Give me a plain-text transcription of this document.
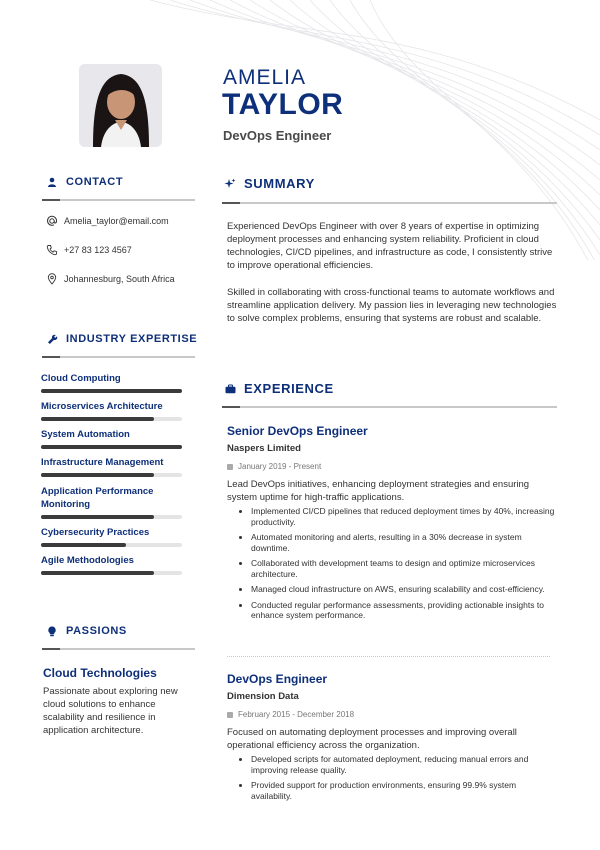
AMELIA
TAYLOR
DevOps Engineer
CONTACT
Amelia_taylor@email.com
+27 83 123 4567
Johannesburg, South Africa
INDUSTRY EXPERTISE
Cloud Computing
Microservices Architecture
System Automation
Infrastructure Management
Application Performance Monitoring
Cybersecurity Practices
Agile Methodologies
PASSIONS
Cloud Technologies
Passionate about exploring new cloud solutions to enhance scalability and resilience in application architecture.
SUMMARY
Experienced DevOps Engineer with over 8 years of expertise in optimizing deployment processes and enhancing system reliability. Proficient in cloud technologies, CI/CD pipelines, and infrastructure as code, I consistently strive to improve operational efficiencies.
Skilled in collaborating with cross-functional teams to automate workflows and streamline application delivery. My passion lies in leveraging new technologies to solve complex problems, ensuring that systems are robust and scalable.
EXPERIENCE
Senior DevOps Engineer
Naspers Limited
January 2019 - Present
Lead DevOps initiatives, enhancing deployment strategies and ensuring system uptime for high-traffic applications.
Implemented CI/CD pipelines that reduced deployment times by 40%, increasing productivity.
Automated monitoring and alerts, resulting in a 30% decrease in system downtime.
Collaborated with development teams to design and optimize microservices architecture.
Managed cloud infrastructure on AWS, ensuring scalability and cost-efficiency.
Conducted regular performance assessments, providing actionable insights to enhance system performance.
DevOps Engineer
Dimension Data
February 2015 - December 2018
Focused on automating deployment processes and improving overall operational efficiency across the organization.
Developed scripts for automated deployment, reducing manual errors and improving release quality.
Provided support for production environments, ensuring 99.9% system availability.
